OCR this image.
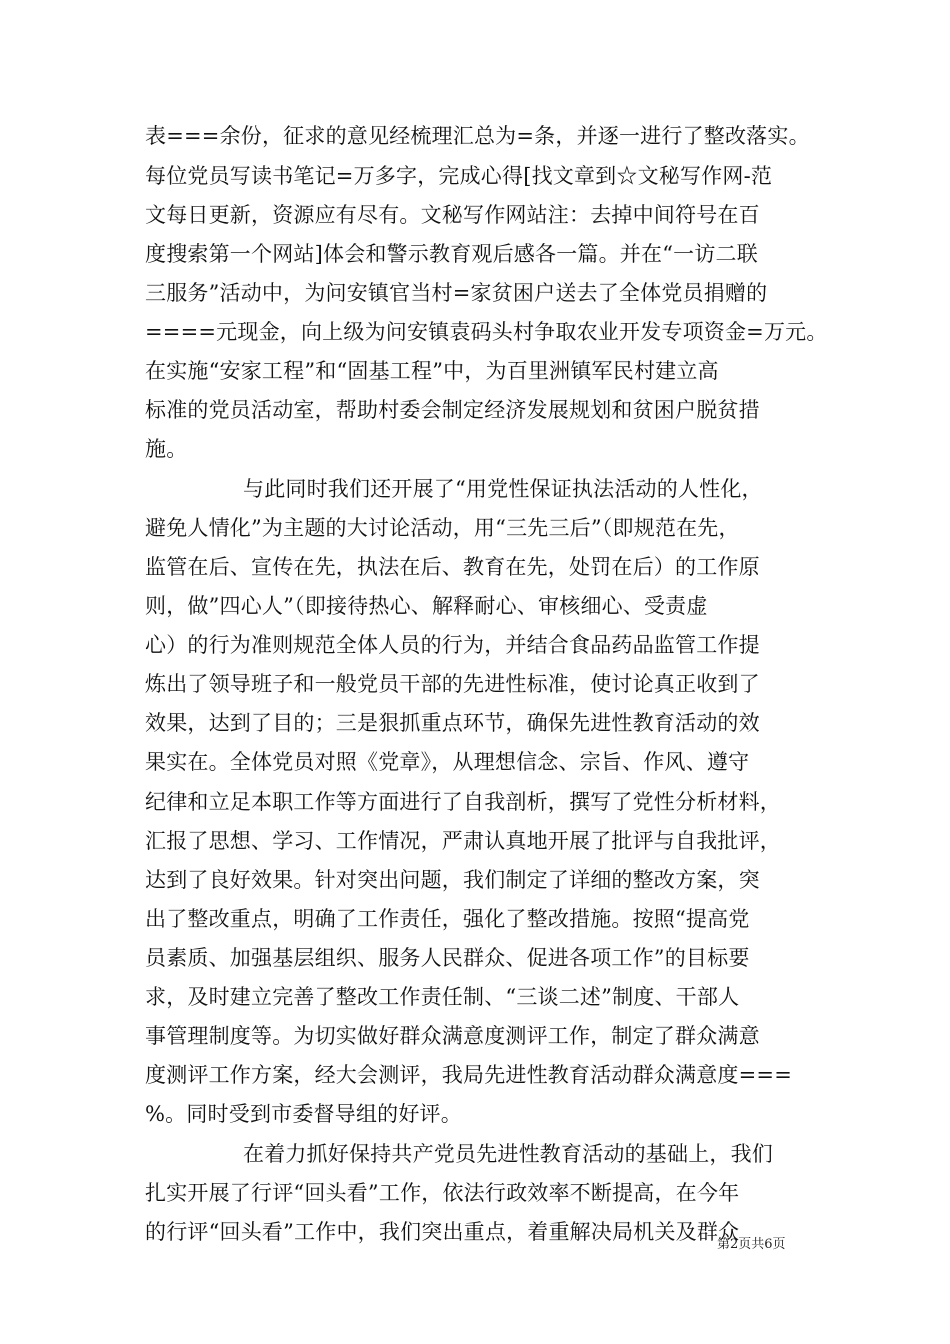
表===余份，征求的意见经梳理汇总为=条，并逐一进行了整改落实。
每位党员写读书笔记=万多字，完成心得[找文章到☆文秘写作网-范
文每日更新，资源应有尽有。文秘写作网站注：去掉中间符号在百
度搜索第一个网站]体会和警示教育观后感各一篇。并在“一访二联
三服务”活动中，为问安镇官当村=家贫困户送去了全体党员捐赠的
====元现金，向上级为问安镇袁码头村争取农业开发专项资金=万元。
在实施“安家工程”和“固基工程”中，为百里洲镇军民村建立高
标准的党员活动室，帮助村委会制定经济发展规划和贫困户脱贫措
施。
与此同时我们还开展了“用党性保证执法活动的人性化，
避免人情化”为主题的大讨论活动，用“三先三后”（即规范在先，
监管在后、宣传在先，执法在后、教育在先，处罚在后）的工作原
则，做”四心人”（即接待热心、解释耐心、审核细心、受责虚
心）的行为准则规范全体人员的行为，并结合食品药品监管工作提
炼出了领导班子和一般党员干部的先进性标准，使讨论真正收到了
效果，达到了目的；三是狠抓重点环节，确保先进性教育活动的效
果实在。全体党员对照《党章》，从理想信念、宗旨、作风、遵守
纪律和立足本职工作等方面进行了自我剖析，撰写了党性分析材料，
汇报了思想、学习、工作情况，严肃认真地开展了批评与自我批评，
达到了良好效果。针对突出问题，我们制定了详细的整改方案，突
出了整改重点，明确了工作责任，强化了整改措施。按照“提高党
员素质、加强基层组织、服务人民群众、促进各项工作”的目标要
求，及时建立完善了整改工作责任制、“三谈二述”制度、干部人
事管理制度等。为切实做好群众满意度测评工作，制定了群众满意
度测评工作方案，经大会测评，我局先进性教育活动群众满意度===
%。同时受到市委督导组的好评。
在着力抓好保持共产党员先进性教育活动的基础上，我们
扎实开展了行评“回头看”工作，依法行政效率不断提高，在今年
的行评“回头看”工作中，我们突出重点，着重解决局机关及群众
第2页共6页
